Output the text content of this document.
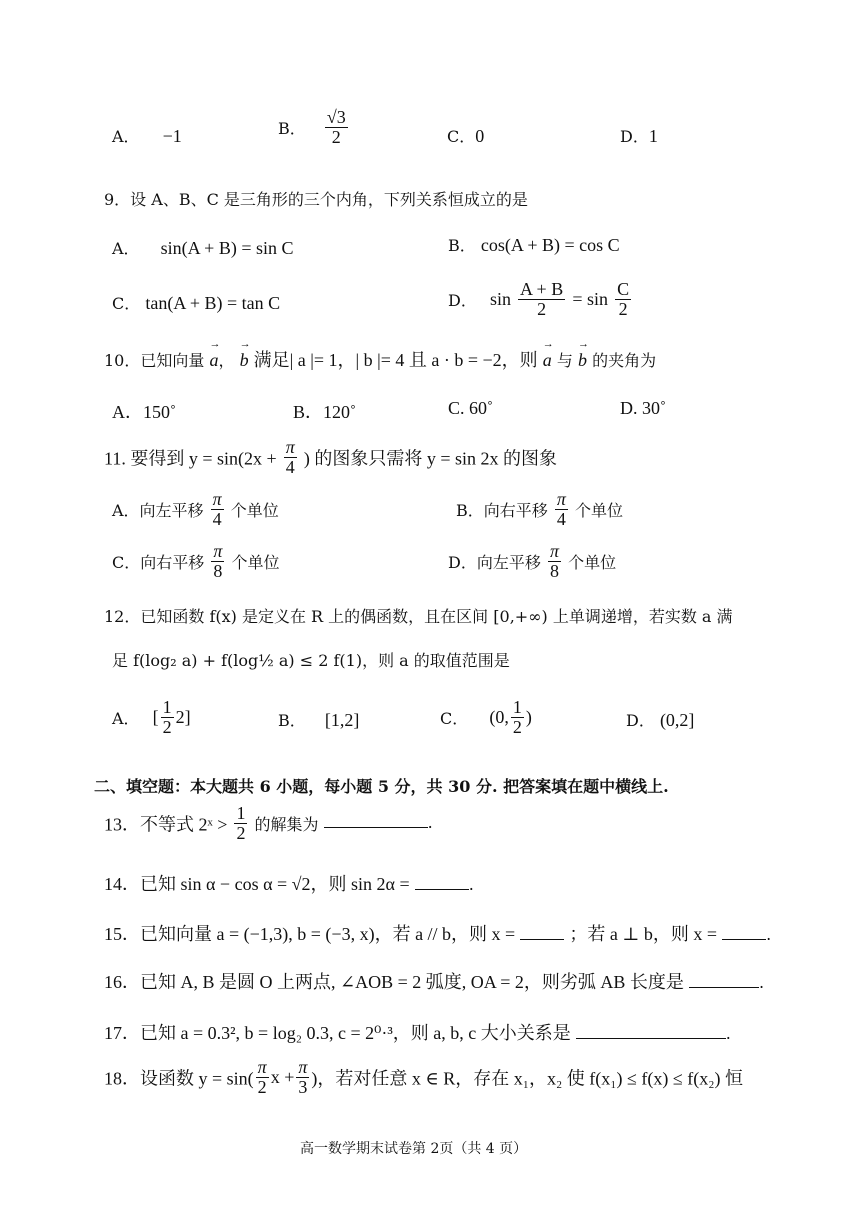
A． −1	B． $\frac{√3}{2}$	C．0	D．1
9．设 A、B、C 是三角形的三个内角，下列关系恒成立的是
A． sin(A + B) = sin C	B． cos(A + B) = cos C
C． tan(A + B) = tan C	D． $\sin \frac{A + B}{2} = \sin \frac{C}{2}$
10．已知向量 → a， → b 满足| a |= 1，| b |= 4 且 a · b = −2，则 → a 与 → b 的夹角为
A．150˚	B．120˚	C. 60˚	D. 30˚
11. 要得到 $y = \sin(2x + \frac{\pi}{4}$ ) 的图象只需将 y = sin 2x 的图象
A．向左平移 $\frac{\pi}{4}$ 个单位	B．向右平移 $\frac{\pi}{4}$ 个单位
C．向右平移 $\frac{\pi}{8}$ 个单位	D．向左平移 $\frac{\pi}{8}$ 个单位
12．已知函数 f(x) 是定义在 R 上的偶函数，且在区间 [0,+∞) 上单调递增，若实数 a 满
足 f(log₂ a) + f(log½ a) ≤ 2 f(1)，则 a 的取值范围是
A． [ $\frac{1}{2} 2$]	B． [1,2]	C． (0, $\frac{1}{2}$ )	D． (0,2]
二、填空题：本大题共 6 小题，每小题 5 分，共 30 分. 把答案填在题中横线上.
13．不等式 2ˣ > $\frac{1}{2}$ 的解集为	.
14．已知 sin α − cos α = √2，则 sin 2α =	.
15．已知向量 a = (−1,3), b = (−3, x)，若 a // b，则 x =	；若 a ⊥ b，则 x =	.
16．已知 A, B 是圆 O 上两点, ∠AOB = 2 弧度, OA = 2，则劣弧 AB 长度是	.
17．已知 a = 0.3², b = log₂ 0.3, c = 2⁰·³，则 a, b, c 大小关系是	.
18．设函数 $y = \sin( \frac{\pi}{2}$ $x + \frac{\pi}{3}$ )，若对任意 x ∈ R，存在 x₁，x₂ 使 f(x₁) ≤ f(x) ≤ f(x₂) 恒
高一数学期末试卷第 2页（共 4 页）
